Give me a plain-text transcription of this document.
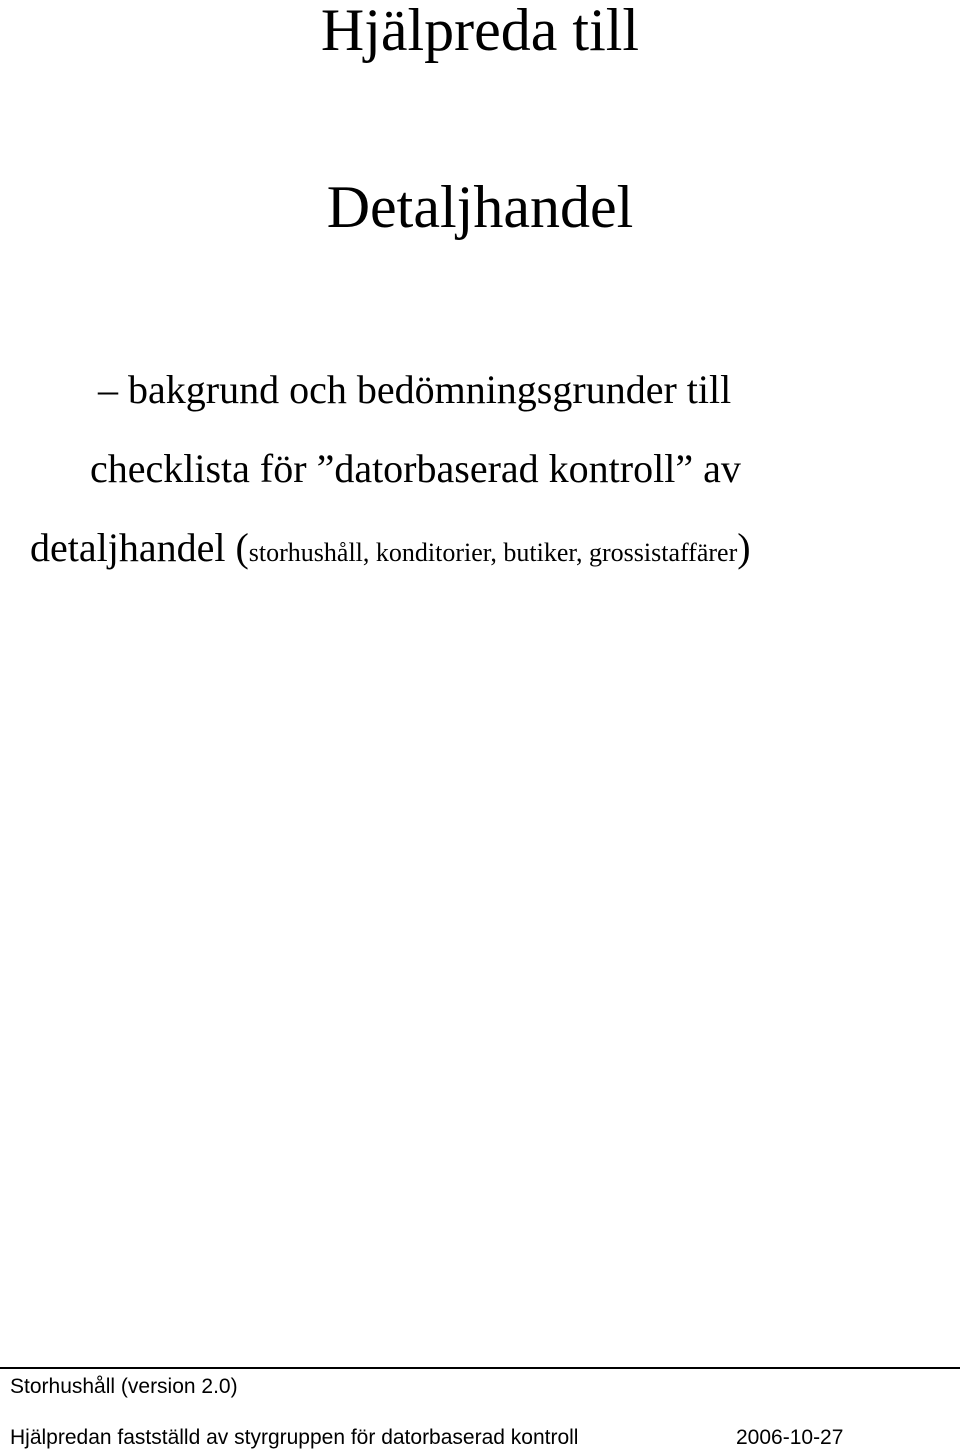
Hjälpreda till
Detaljhandel
– bakgrund och bedömningsgrunder till
checklista för ”datorbaserad kontroll” av
detaljhandel (storhushåll, konditorier, butiker, grossistaffärer)
Storhushåll (version 2.0)
Hjälpredan fastställd av styrgruppen för datorbaserad kontroll	2006-10-27
